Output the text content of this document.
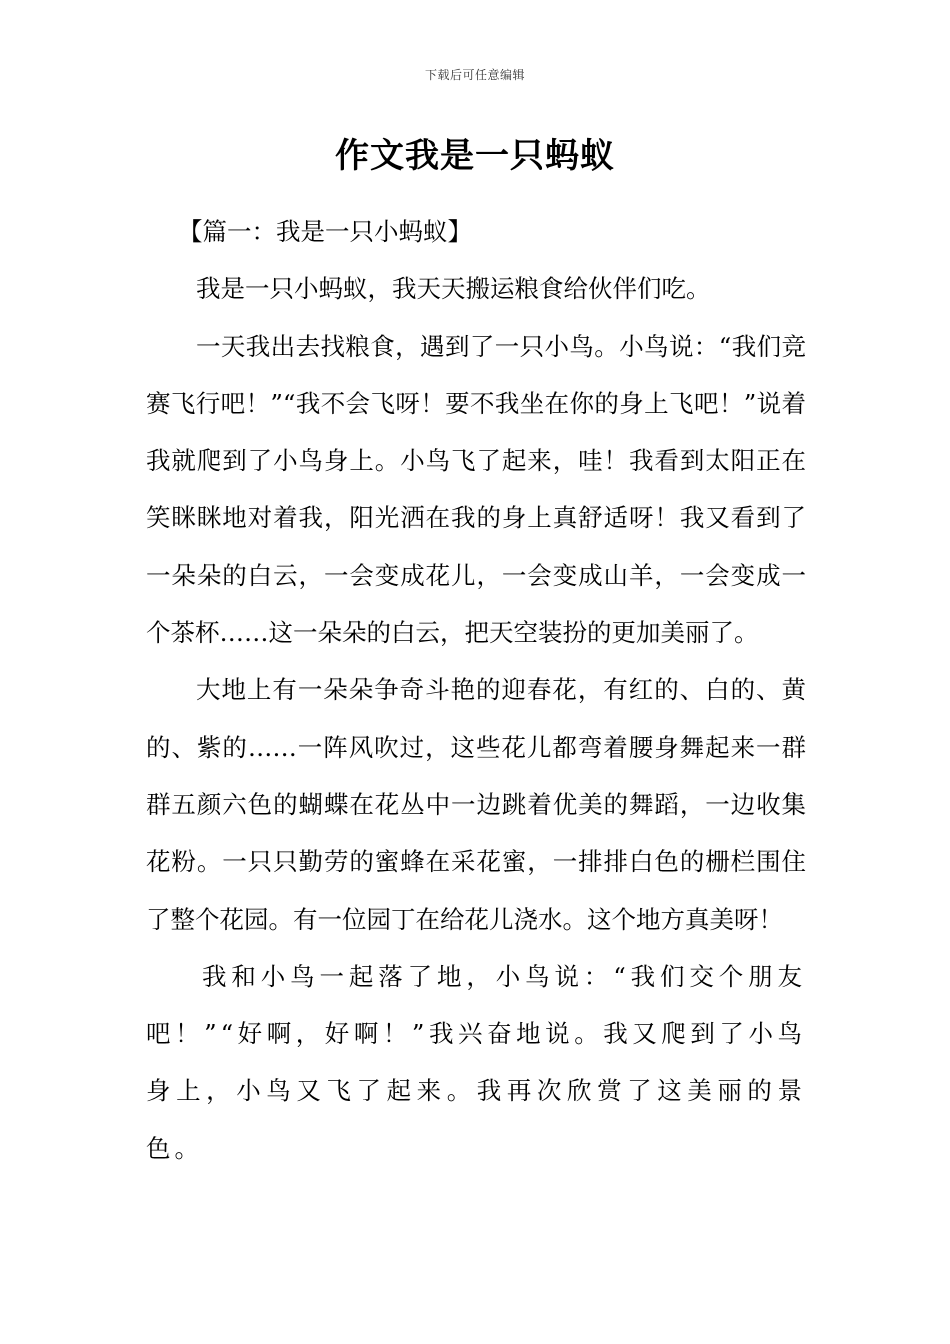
下载后可任意编辑
作文我是一只蚂蚁

【篇一：我是一只小蚂蚁】

我是一只小蚂蚁，我天天搬运粮食给伙伴们吃。

一天我出去找粮食，遇到了一只小鸟。小鸟说：“我们竞赛飞行吧！”“我不会飞呀！要不我坐在你的身上飞吧！”说着我就爬到了小鸟身上。小鸟飞了起来，哇！我看到太阳正在笑眯眯地对着我，阳光洒在我的身上真舒适呀！我又看到了一朵朵的白云，一会变成花儿，一会变成山羊，一会变成一个茶杯……这一朵朵的白云，把天空装扮的更加美丽了。

大地上有一朵朵争奇斗艳的迎春花，有红的、白的、黄的、紫的……一阵风吹过，这些花儿都弯着腰身舞起来一群群五颜六色的蝴蝶在花丛中一边跳着优美的舞蹈，一边收集花粉。一只只勤劳的蜜蜂在采花蜜，一排排白色的栅栏围住了整个花园。有一位园丁在给花儿浇水。这个地方真美呀！

我和小鸟一起落了地，小鸟说：“我们交个朋友吧！”“好啊，好啊！”我兴奋地说。我又爬到了小鸟身上，小鸟又飞了起来。我再次欣赏了这美丽的景色。
